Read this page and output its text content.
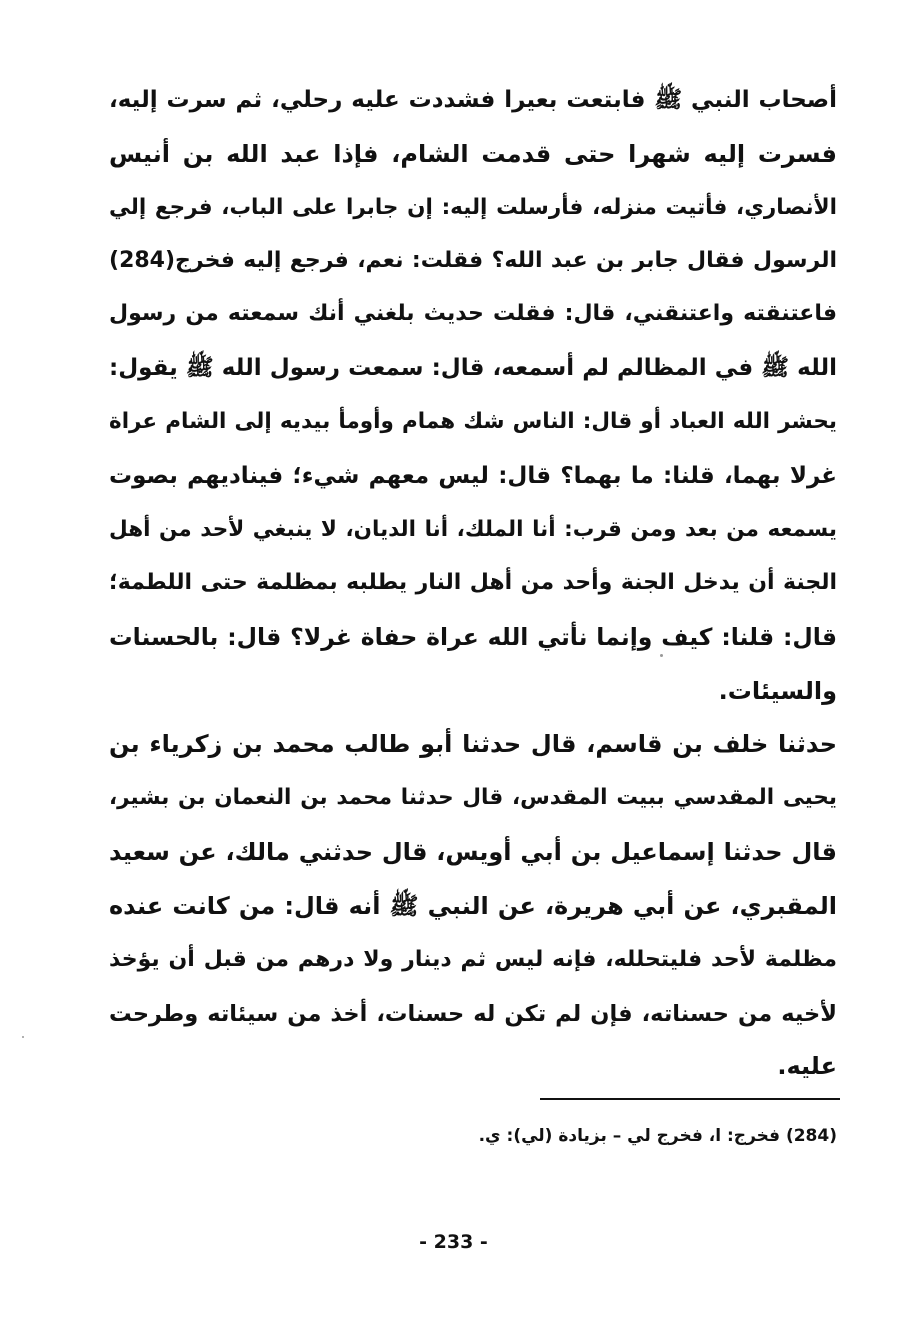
أصحاب النبي ﷺ فابتعت بعيرا فشددت عليه رحلي، ثم سرت إليه،
فسرت إليه شهرا حتى قدمت الشام، فإذا عبد الله بن أنيس
الأنصاري، فأتيت منزله، فأرسلت إليه: إن جابرا على الباب، فرجع إلي
الرسول فقال جابر بن عبد الله؟ فقلت: نعم، فرجع إليه فخرج(284)
فاعتنقته واعتنقني، قال: فقلت حديث بلغني أنك سمعته من رسول
الله ﷺ في المظالم لم أسمعه، قال: سمعت رسول الله ﷺ يقول:
يحشر الله العباد أو قال: الناس شك همام وأومأ بيديه إلى الشام عراة
غرلا بهما، قلنا: ما بهما؟ قال: ليس معهم شيء؛ فيناديهم بصوت
يسمعه من بعد ومن قرب: أنا الملك، أنا الديان، لا ينبغي لأحد من أهل
الجنة أن يدخل الجنة وأحد من أهل النار يطلبه بمظلمة حتى اللطمة؛
قال: قلنا: كيف وإنما نأتي الله عراة حفاة غرلا؟ قال: بالحسنات
والسيئات.
حدثنا خلف بن قاسم، قال حدثنا أبو طالب محمد بن زكرياء بن
يحيى المقدسي ببيت المقدس، قال حدثنا محمد بن النعمان بن بشير،
قال حدثنا إسماعيل بن أبي أويس، قال حدثني مالك، عن سعيد
المقبري، عن أبي هريرة، عن النبي ﷺ أنه قال: من كانت عنده
مظلمة لأحد فليتحلله، فإنه ليس ثم دينار ولا درهم من قبل أن يؤخذ
لأخيه من حسناته، فإن لم تكن له حسنات، أخذ من سيئاته وطرحت
عليه.
(284) فخرج: ا، فخرج لي – بزيادة (لي): ي.
- 233 -
